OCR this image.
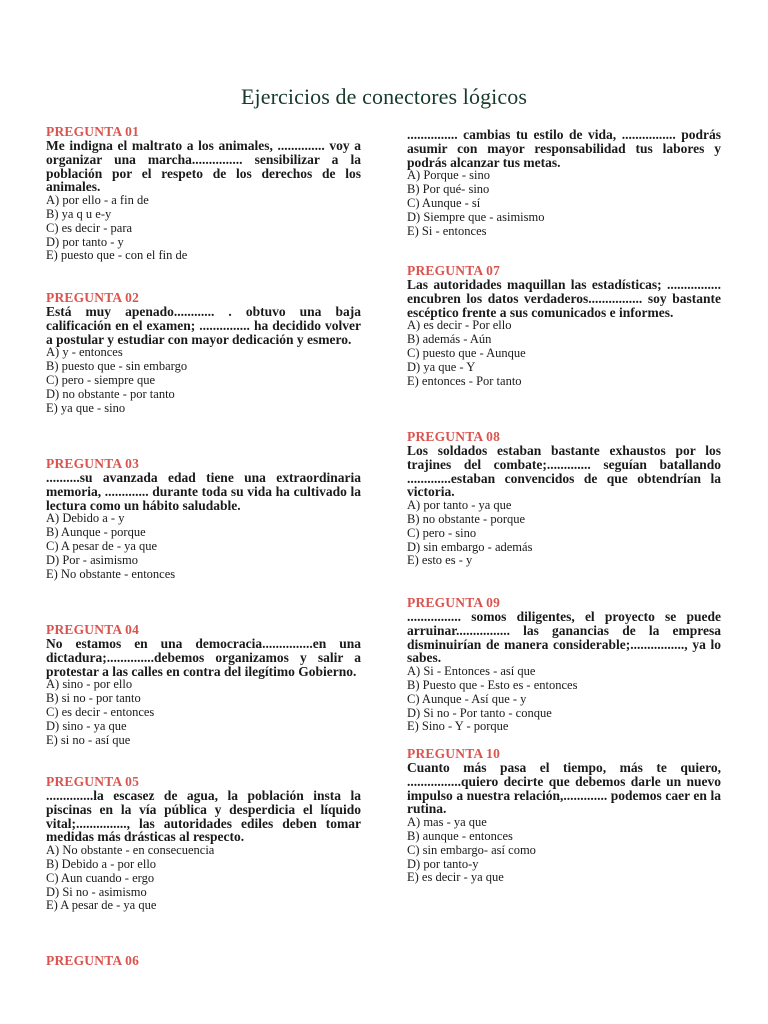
Ejercicios de conectores lógicos
PREGUNTA 01
Me indigna el maltrato a los animales, .............. voy a organizar una marcha............... sensibilizar a la población por el respeto de los derechos de los animales.
A) por ello - a fin de
B) ya q u e-y
C) es decir - para
D) por tanto - y
E) puesto que - con el fin de
PREGUNTA 02
Está muy apenado............ . obtuvo una baja calificación en el examen; ............... ha decidido volver a postular y estudiar con mayor dedicación y esmero.
A) y - entonces
B) puesto que - sin embargo
C) pero - siempre que
D) no obstante - por tanto
E) ya que - sino
PREGUNTA 03
..........su avanzada edad tiene una extraordinaria memoria, ............. durante toda su vida ha cultivado la lectura como un hábito saludable.
A) Debido a - y
B) Aunque - porque
C) A pesar de - ya que
D) Por - asimismo
E) No obstante - entonces
PREGUNTA 04
No estamos en una democracia...............en una dictadura;..............debemos organizamos y salir a protestar a las calles en contra del ilegítimo Gobierno.
A) sino - por ello
B) si no - por tanto
C) es decir - entonces
D) sino - ya que
E) si no - así que
PREGUNTA 05
..............la escasez de agua, la población insta la piscinas en la vía pública y desperdicia el líquido vital;..............., las autoridades ediles deben tomar medidas más drásticas al respecto.
A) No obstante - en consecuencia
B) Debido a - por ello
C) Aun cuando - ergo
D) Si no - asimismo
E) A pesar de - ya que
PREGUNTA 06
............... cambias tu estilo de vida, ................ podrás asumir con mayor responsabilidad tus labores y podrás alcanzar tus metas.
A) Porque - sino
B) Por qué- sino
C) Aunque - sí
D) Siempre que - asimismo
E) Si - entonces
PREGUNTA 07
Las autoridades maquillan las estadísticas; ................ encubren los datos verdaderos................ soy bastante escéptico frente a sus comunicados e informes.
A) es decir - Por ello
B) además - Aún
C) puesto que - Aunque
D) ya que - Y
E) entonces - Por tanto
PREGUNTA 08
Los soldados estaban bastante exhaustos por los trajines del combate;............. seguían batallando .............estaban convencidos de que obtendrían la victoria.
A) por tanto - ya que
B) no obstante - porque
C) pero - sino
D) sin embargo - además
E) esto es - y
PREGUNTA 09
................ somos diligentes, el proyecto se puede arruinar................ las ganancias de la empresa disminuirían de manera considerable;................, ya lo sabes.
A) Si - Entonces - así que
B) Puesto que - Esto es - entonces
C) Aunque - Así que - y
D) Si no - Por tanto - conque
E) Sino - Y - porque
PREGUNTA 10
Cuanto más pasa el tiempo, más te quiero, ................quiero decirte que debemos darle un nuevo impulso a nuestra relación,............. podemos caer en la rutina.
A) mas - ya que
B) aunque - entonces
C) sin embargo- así como
D) por tanto-y
E) es decir - ya que
